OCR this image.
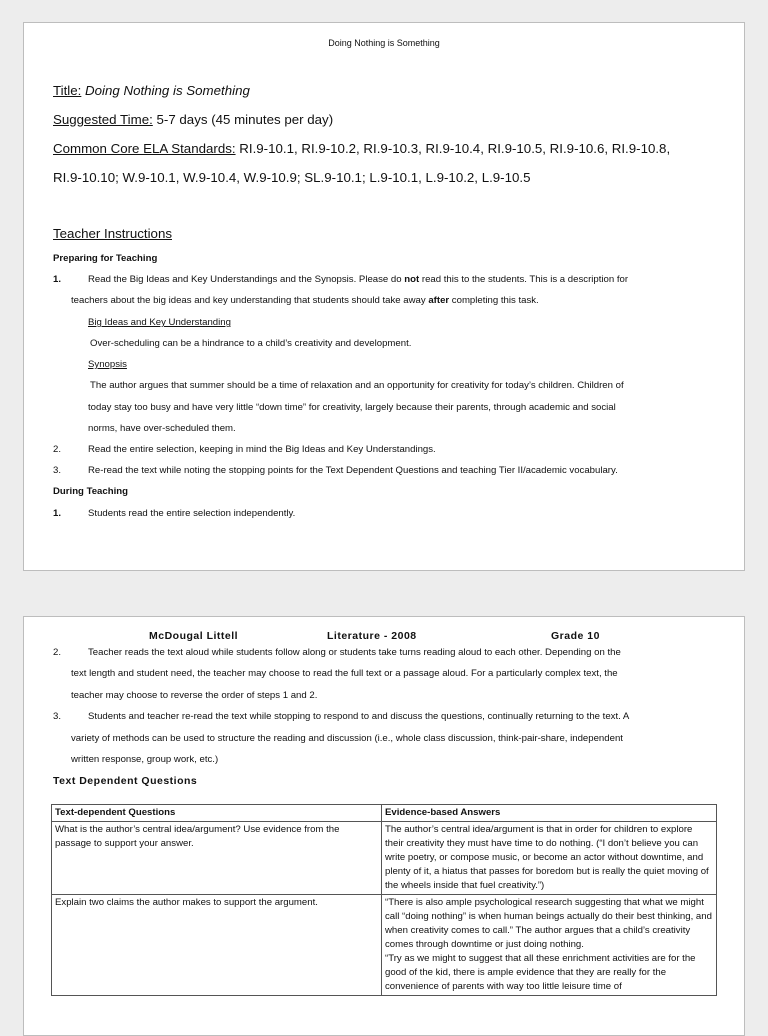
Doing Nothing is Something
Title: Doing Nothing is Something
Suggested Time: 5-7 days (45 minutes per day)
Common Core ELA Standards: RI.9-10.1, RI.9-10.2, RI.9-10.3, RI.9-10.4, RI.9-10.5, RI.9-10.6, RI.9-10.8,
RI.9-10.10; W.9-10.1, W.9-10.4, W.9-10.9; SL.9-10.1; L.9-10.1, L.9-10.2, L.9-10.5
Teacher Instructions
Preparing for Teaching
1.	Read the Big Ideas and Key Understandings and the Synopsis. Please do not read this to the students. This is a description for
teachers about the big ideas and key understanding that students should take away after completing this task.
Big Ideas and Key Understanding
Over-scheduling can be a hindrance to a child’s creativity and development.
Synopsis
The author argues that summer should be a time of relaxation and an opportunity for creativity for today’s children. Children of
today stay too busy and have very little “down time” for creativity, largely because their parents, through academic and social
norms, have over-scheduled them.
2.	Read the entire selection, keeping in mind the Big Ideas and Key Understandings.
3.	Re-read the text while noting the stopping points for the Text Dependent Questions and teaching Tier II/academic vocabulary.
During Teaching
1.	Students read the entire selection independently.
McDougal Littell	Literature - 2008	Grade 10
2.	Teacher reads the text aloud while students follow along or students take turns reading aloud to each other. Depending on the
text length and student need, the teacher may choose to read the full text or a passage aloud. For a particularly complex text, the
teacher may choose to reverse the order of steps 1 and 2.
3.	Students and teacher re-read the text while stopping to respond to and discuss the questions, continually returning to the text. A
variety of methods can be used to structure the reading and discussion (i.e., whole class discussion, think-pair-share, independent
written response, group work, etc.)
Text Dependent Questions
Text-dependent Questions	Evidence-based Answers
What is the author’s central idea/argument? Use evidence from the passage to support your answer.	The author’s central idea/argument is that in order for children to explore their creativity they must have time to do nothing. (“I don’t believe you can write poetry, or compose music, or become an actor without downtime, and plenty of it, a hiatus that passes for boredom but is really the quiet moving of the wheels inside that fuel creativity.”)
Explain two claims the author makes to support the argument.	“There is also ample psychological research suggesting that what we might call “doing nothing” is when human beings actually do their best thinking, and when creativity comes to call.” The author argues that a child’s creativity comes through downtime or just doing nothing.
“Try as we might to suggest that all these enrichment activities are for the good of the kid, there is ample evidence that they are really for the convenience of parents with way too little leisure time of
